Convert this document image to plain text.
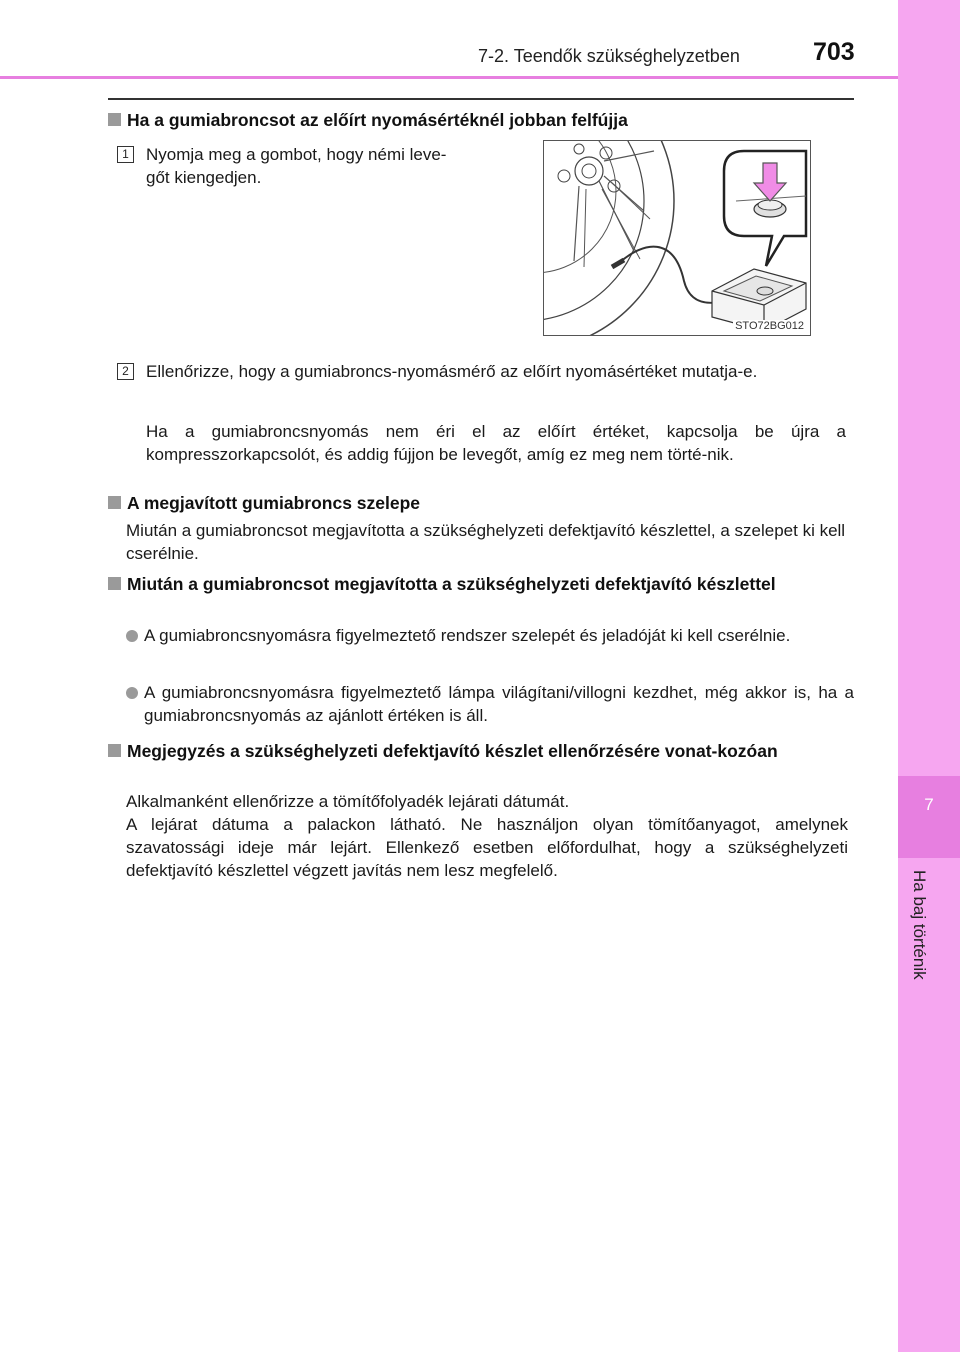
7
Ha baj történik
7-2. Teendők szükséghelyzetben	703
Ha a gumiabroncsot az előírt nyomásértéknél jobban felfújja
1	Nyomja meg a gombot, hogy némi leve-
gőt kiengedjen.
STO72BG012
2	Ellenőrizze, hogy a gumiabroncs-nyomásmérő az előírt nyomásértéket mutatja-e.
Ha a gumiabroncsnyomás nem éri el az előírt értéket, kapcsolja be újra a kompresszorkapcsolót, és addig fújjon be levegőt, amíg ez meg nem törté-nik.
A megjavított gumiabroncs szelepe
Miután a gumiabroncsot megjavította a szükséghelyzeti defektjavító készlettel, a szelepet ki kell cserélnie.
Miután a gumiabroncsot megjavította a szükséghelyzeti defektjavító készlettel
A gumiabroncsnyomásra figyelmeztető rendszer szelepét és jeladóját ki kell cserélnie.
A gumiabroncsnyomásra figyelmeztető lámpa világítani/villogni kezdhet, még akkor is, ha a gumiabroncsnyomás az ajánlott értéken is áll.
Megjegyzés a szükséghelyzeti defektjavító készlet ellenőrzésére vonat-kozóan
Alkalmanként ellenőrizze a tömítőfolyadék lejárati dátumát.
A lejárat dátuma a palackon látható. Ne használjon olyan tömítőanyagot, amelynek szavatossági ideje már lejárt. Ellenkező esetben előfordulhat, hogy a szükséghelyzeti defektjavító készlettel végzett javítás nem lesz megfelelő.
